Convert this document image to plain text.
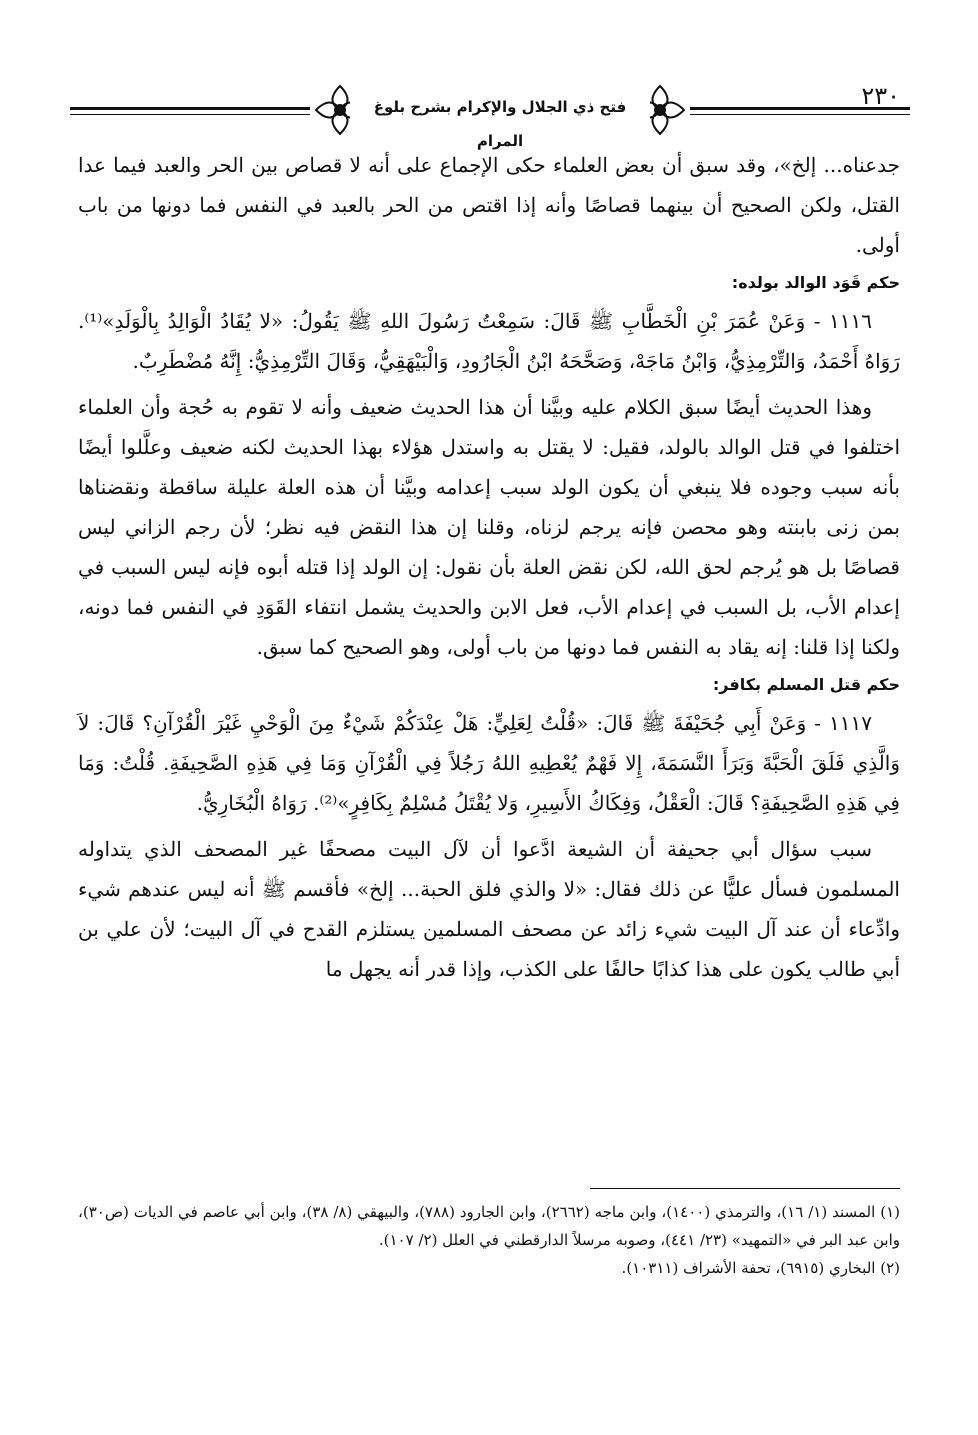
فتح ذي الجلال والإكرام بشرح بلوغ المرام
٢٣٠

جدعناه... إلخ»، وقد سبق أن بعض العلماء حكى الإجماع على أنه لا قصاص بين الحر والعبد فيما عدا القتل، ولكن الصحيح أن بينهما قصاصًا وأنه إذا اقتص من الحر بالعبد في النفس فما دونها من باب أولى.

حكم قَوَد الوالد بولده:

١١١٦ - وَعَنْ عُمَرَ بْنِ الْخَطَّابِ ﷺ قَالَ: سَمِعْتُ رَسُولَ اللهِ ﷺ يَقُولُ: «لا يُقَادُ الْوَالِدُ بِالْوَلَدِ»⁽¹⁾. رَوَاهُ أَحْمَدُ، وَالتِّرْمِذِيُّ، وَابْنُ مَاجَهْ، وَصَحَّحَهُ ابْنُ الْجَارُودِ، وَالْبَيْهَقِيُّ، وَقَالَ التِّرْمِذِيُّ: إِنَّهُ مُضْطَرِبٌ.

وهذا الحديث أيضًا سبق الكلام عليه وبيَّنا أن هذا الحديث ضعيف وأنه لا تقوم به حُجة وأن العلماء اختلفوا في قتل الوالد بالولد، فقيل: لا يقتل به واستدل هؤلاء بهذا الحديث لكنه ضعيف وعلَّلوا أيضًا بأنه سبب وجوده فلا ينبغي أن يكون الولد سبب إعدامه وبيَّنا أن هذه العلة عليلة ساقطة ونقضناها بمن زنى بابنته وهو محصن فإنه يرجم لزناه، وقلنا إن هذا النقض فيه نظر؛ لأن رجم الزاني ليس قصاصًا بل هو يُرجم لحق الله، لكن نقض العلة بأن نقول: إن الولد إذا قتله أبوه فإنه ليس السبب في إعدام الأب، بل السبب في إعدام الأب، فعل الابن والحديث يشمل انتفاء القَوَدِ في النفس فما دونه، ولكنا إذا قلنا: إنه يقاد به النفس فما دونها من باب أولى، وهو الصحيح كما سبق.

حكم قتل المسلم بكافر:

١١١٧ - وَعَنْ أَبِي جُحَيْفَةَ ﷺ قَالَ: «قُلْتُ لِعَلِيٍّ: هَلْ عِنْدَكُمْ شَيْءٌ مِنَ الْوَحْيِ غَيْرَ الْقُرْآنِ؟ قَالَ: لاَ وَالَّذِي فَلَقَ الْحَبَّةَ وَبَرَأَ النَّسَمَةَ، إِلا فَهْمٌ يُعْطِيهِ اللهُ رَجُلاً فِي الْقُرْآنِ وَمَا فِي هَذِهِ الصَّحِيفَةِ. قُلْتُ: وَمَا فِي هَذِهِ الصَّحِيفَةِ؟ قَالَ: الْعَقْلُ، وَفِكَاكُ الأَسِيرِ، وَلا يُقْتَلُ مُسْلِمٌ بِكَافِرٍ»⁽²⁾. رَوَاهُ الْبُخَارِيُّ.

سبب سؤال أبي جحيفة أن الشيعة ادَّعوا أن لآل البيت مصحفًا غير المصحف الذي يتداوله المسلمون فسأل عليًّا عن ذلك فقال: «لا والذي فلق الحبة... إلخ» فأقسم ﷺ أنه ليس عندهم شيء وادِّعاء أن عند آل البيت شيء زائد عن مصحف المسلمين يستلزم القدح في آل البيت؛ لأن علي بن أبي طالب يكون على هذا كذابًا حالفًا على الكذب، وإذا قدر أنه يجهل ما

(١) المسند (١/ ١٦)، والترمذي (١٤٠٠)، وابن ماجه (٢٦٦٢)، وابن الجارود (٧٨٨)، والبيهقي (٨/ ٣٨)، وابن أبي عاصم في الديات (ص٣٠)، وابن عبد البر في «التمهيد» (٢٣/ ٤٤١)، وصوبه مرسلاً الدارقطني في العلل (٢/ ١٠٧).

(٢) البخاري (٦٩١٥)، تحفة الأشراف (١٠٣١١).
